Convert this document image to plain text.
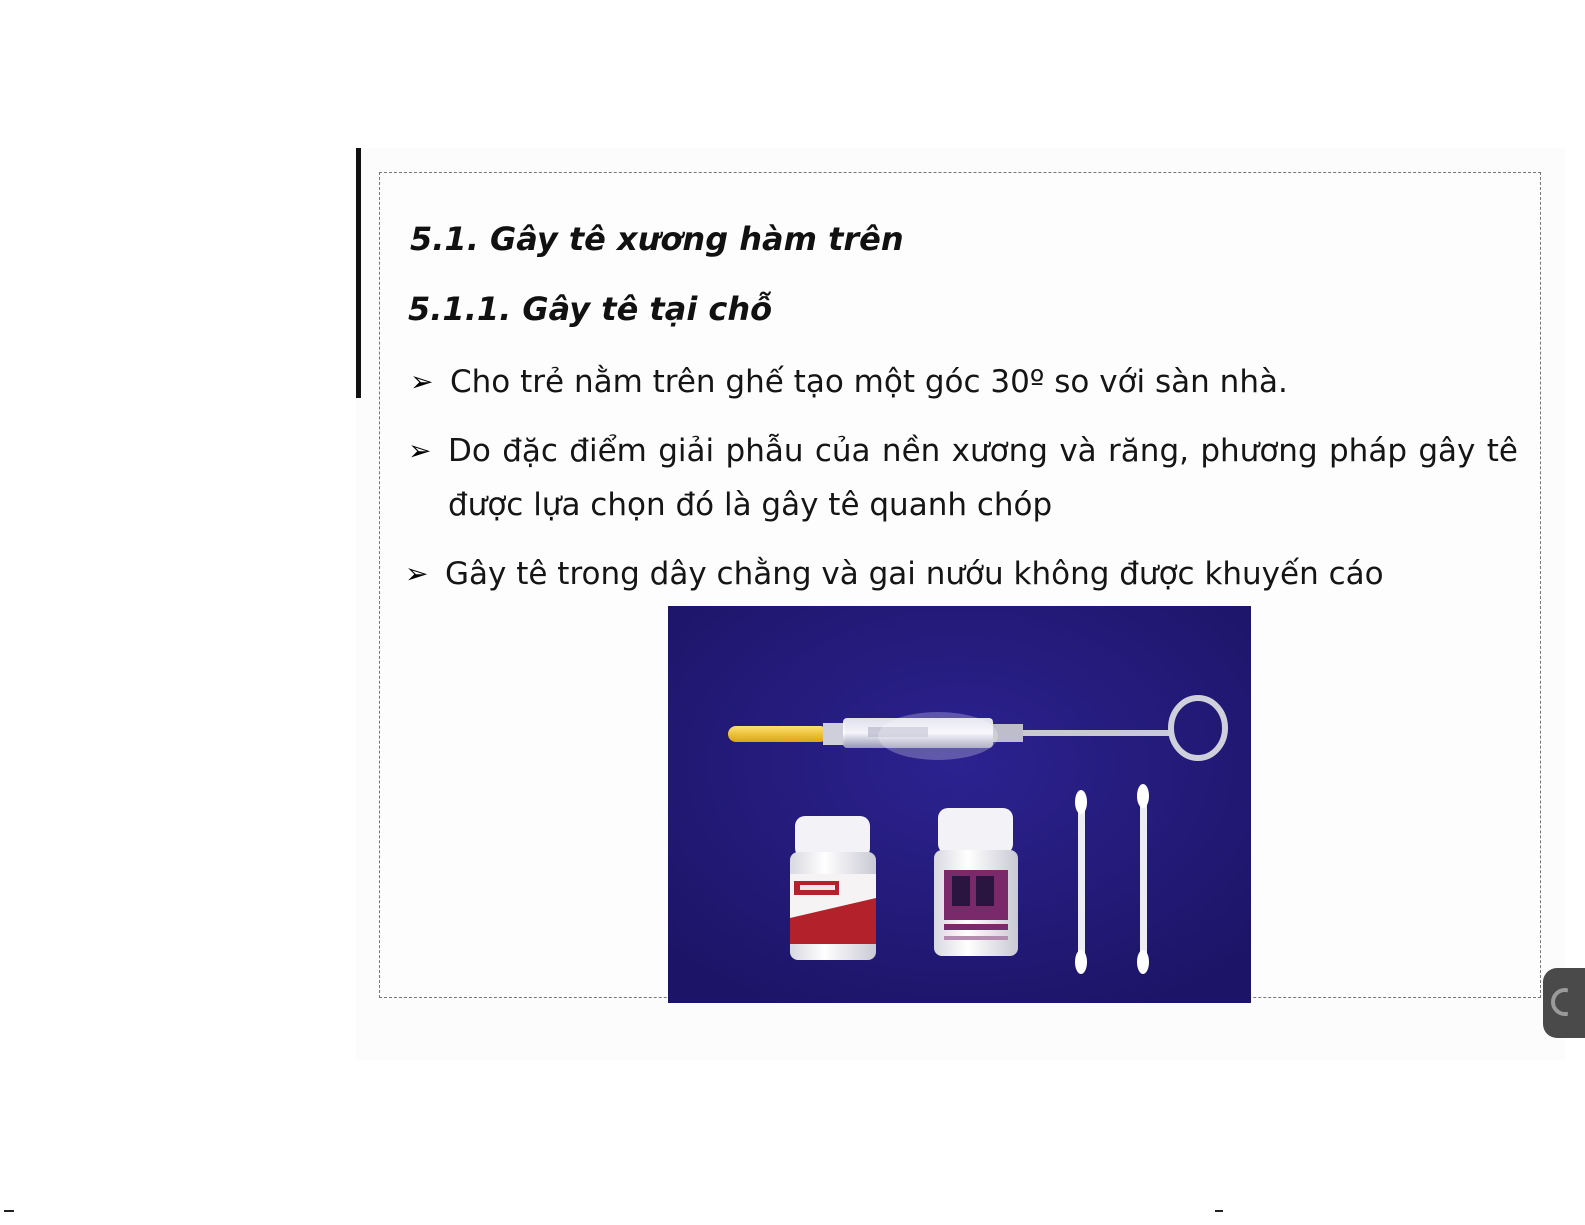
5.1. Gây tê xương hàm trên
5.1.1. Gây tê tại chỗ
➢ Cho trẻ nằm trên ghế tạo một góc 30º so với sàn nhà.
➢ Do đặc điểm giải phẫu của nền xương và răng, phương pháp gây tê được lựa chọn đó là gây tê quanh chóp
➢ Gây tê trong dây chằng và gai nướu không được khuyến cáo
